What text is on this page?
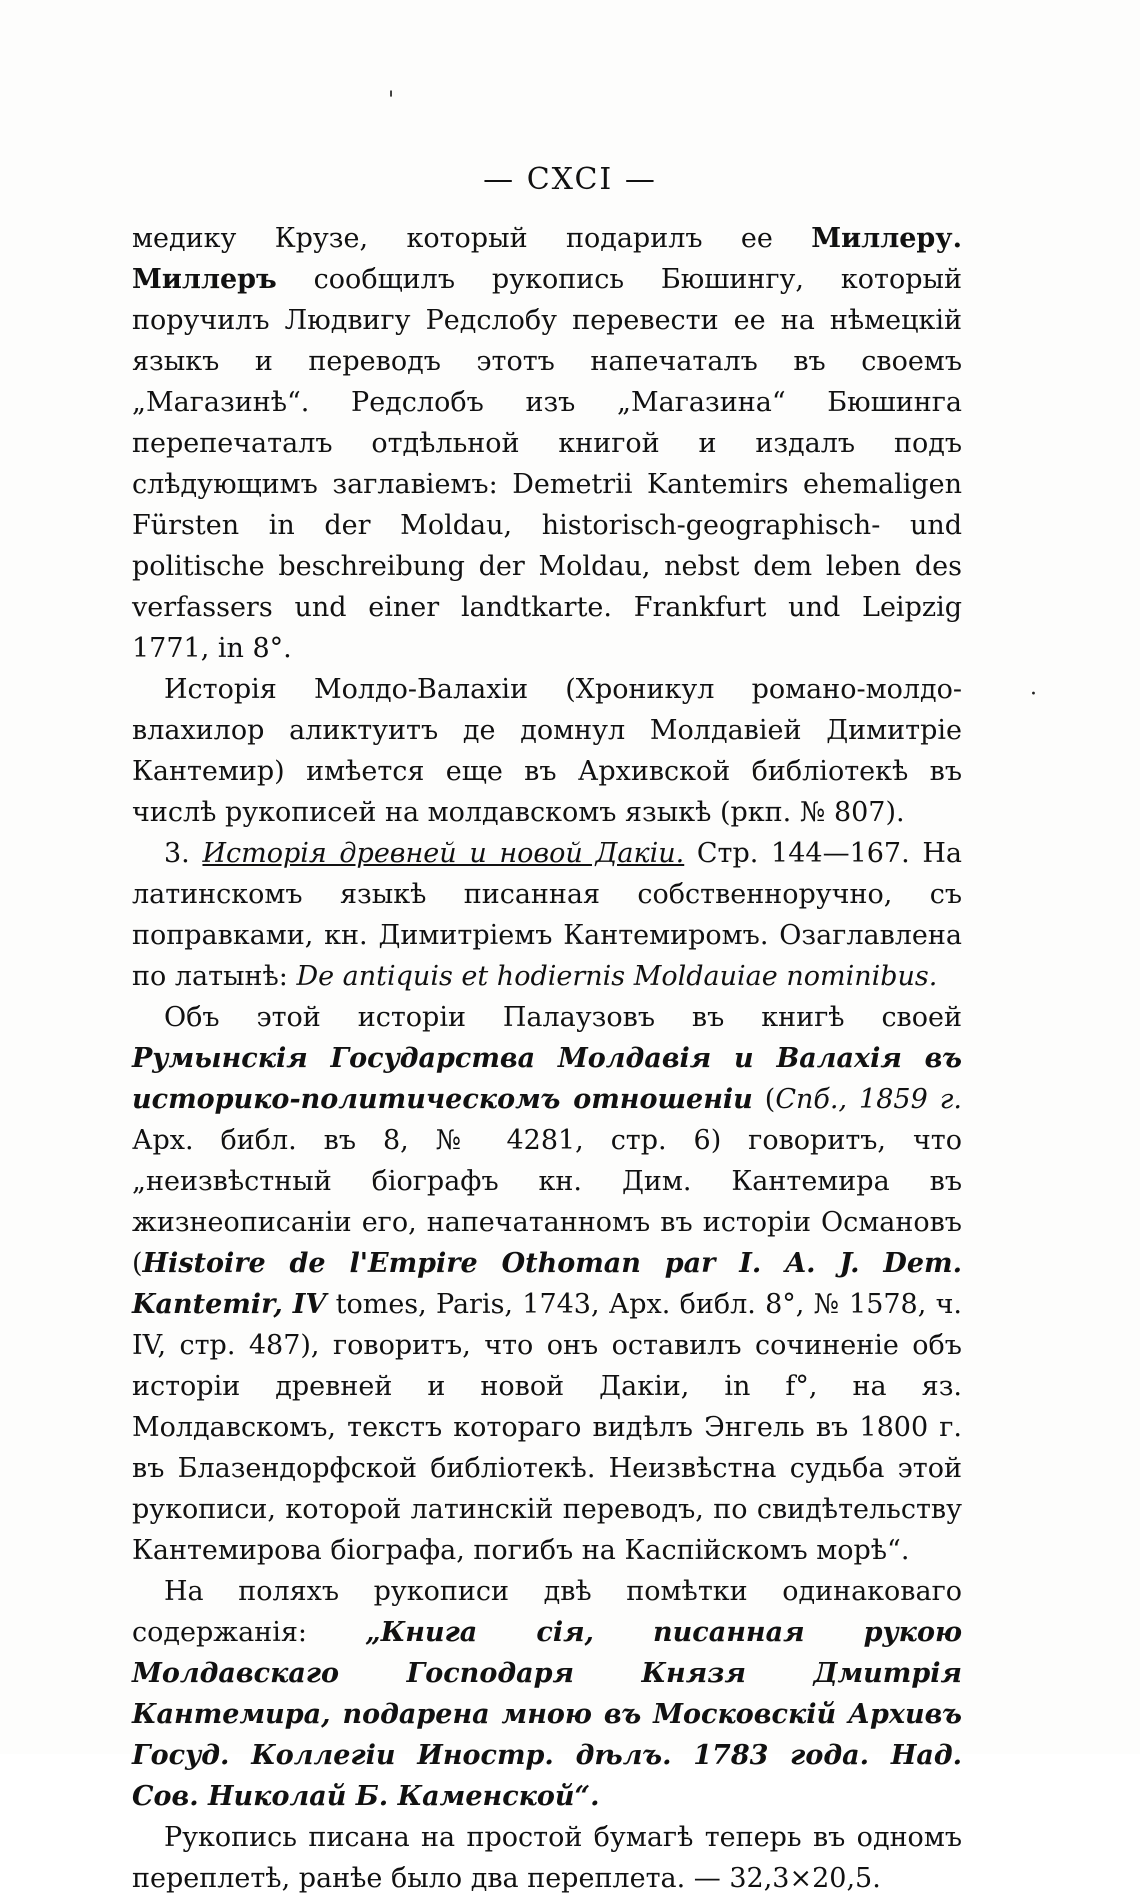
'
·
— CXCI —

медику Крузе, который подарилъ ее Миллеру. Миллеръ сообщилъ рукопись Бюшингу, который поручилъ Людвигу Редслобу перевести ее на нѣмецкій языкъ и переводъ этотъ напечаталъ въ своемъ „Магазинѣ“. Редслобъ изъ „Магазина“ Бюшинга перепечаталъ отдѣльной книгой и издалъ подъ слѣдующимъ заглавіемъ: Demetrii Kantemirs ehemaligen Fürsten in der Moldau, historisch-geographisch- und politische beschreibung der Moldau, nebst dem leben des verfassers und einer landtkarte. Frankfurt und Leipzig 1771, in 8°.

Исторія Молдо-Валахіи (Хроникул романо-молдо-влахилор аликтуитъ де домнул Молдавіей Димитріе Кантемир) имѣется еще въ Архивской библіотекѣ въ числѣ рукописей на молдавскомъ языкѣ (ркп. № 807).

3. Исторія древней и новой Дакіи. Стр. 144—167. На латинскомъ языкѣ писанная собственноручно, съ поправками, кн. Димитріемъ Кантемиромъ. Озаглавлена по латынѣ: De antiquis et hodiernis Moldauiae nominibus.

Объ этой исторіи Палаузовъ въ книгѣ своей Румынскія Государства Молдавія и Валахія въ историко-политическомъ отношеніи (Спб., 1859 г. Арх. библ. въ 8, № 4281, стр. 6) говоритъ, что „неизвѣстный біографъ кн. Дим. Кантемира въ жизнеописаніи его, напечатанномъ въ исторіи Османовъ (Histoire de l'Empire Othoman par I. A. J. Dem. Kantemir, IV tomes, Paris, 1743, Арх. библ. 8°, № 1578, ч. IV, стр. 487), говоритъ, что онъ оставилъ сочиненіе объ исторіи древней и новой Дакіи, in f°, на яз. Молдавскомъ, текстъ котораго видѣлъ Энгель въ 1800 г. въ Блазендорфской библіотекѣ. Неизвѣстна судьба этой рукописи, которой латинскій переводъ, по свидѣтельству Кантемирова біографа, погибъ на Каспійскомъ морѣ“.

На поляхъ рукописи двѣ помѣтки одинаковаго содержанія: „Книга сія, писанная рукою Молдавскаго Господаря Князя Дмитрія Кантемира, подарена мною въ Московскій Архивъ Госуд. Коллегіи Иностр. дѣлъ. 1783 года. Над. Сов. Николай Б. Каменской“.

Рукопись писана на простой бумагѣ теперь въ одномъ переплетѣ, ранѣе было два переплета. — 32,3×20,5.
